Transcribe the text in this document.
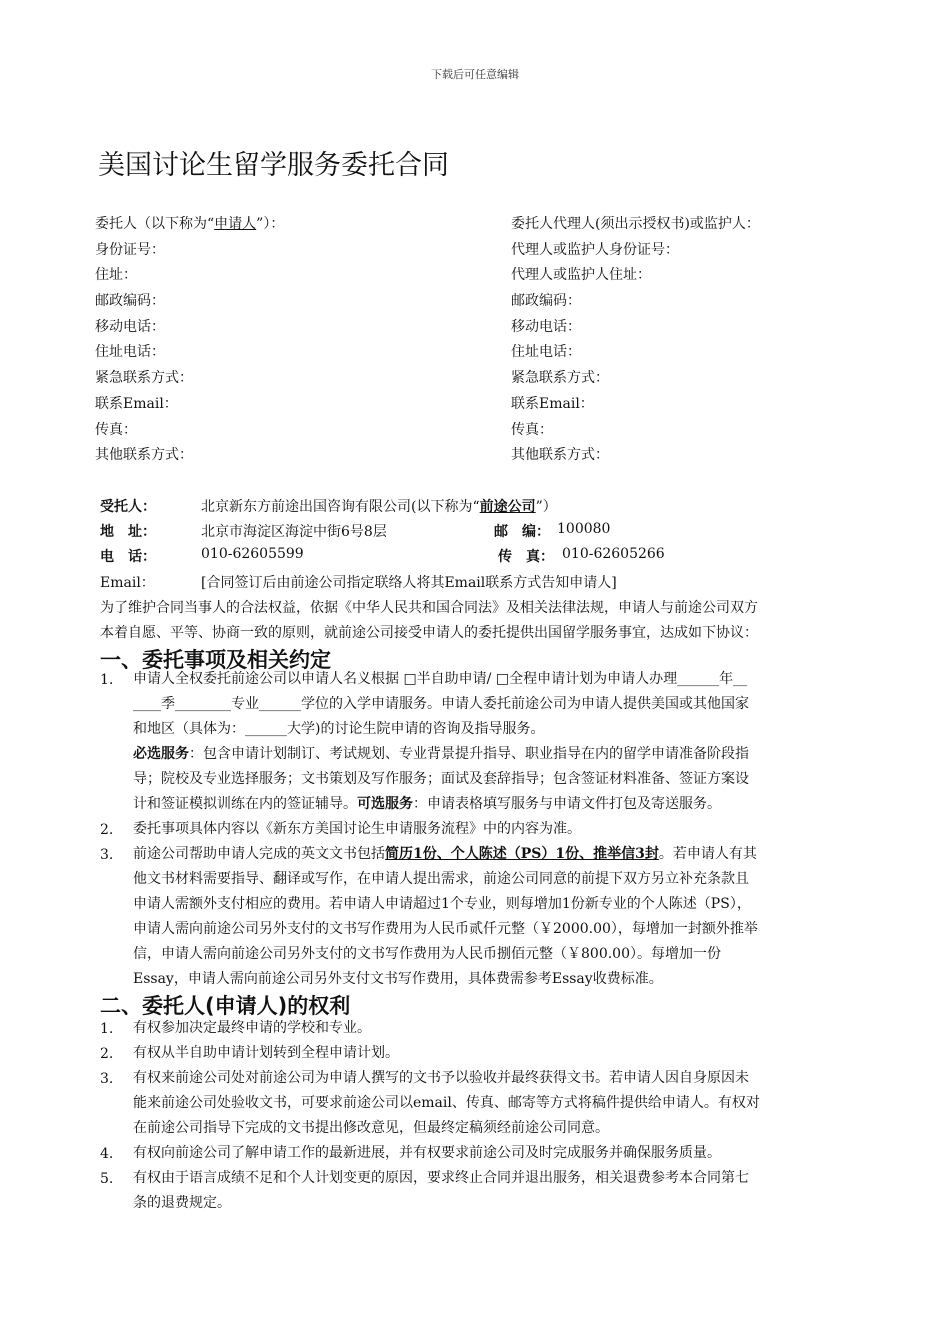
下载后可任意编辑
美国讨论生留学服务委托合同
委托人（以下称为“申请人”）：
身份证号：
住址：
邮政编码：
移动电话：
住址电话：
紧急联系方式：
联系Email：
传真：
其他联系方式：
委托人代理人(须出示授权书)或监护人：
代理人或监护人身份证号：
代理人或监护人住址：
邮政编码：
移动电话：
住址电话：
紧急联系方式：
联系Email：
传真：
其他联系方式：
受托人：	北京新东方前途出国咨询有限公司(以下称为“前途公司”）
地　址：	北京市海淀区海淀中街6号8层	邮　编： 100080
电　话：	010-62605599	传　真： 010-62605266
Email：	[合同签订后由前途公司指定联络人将其Email联系方式告知申请人]
为了维护合同当事人的合法权益，依据《中华人民共和国合同法》及相关法律法规，申请人与前途公司双方
本着自愿、平等、协商一致的原则，就前途公司接受申请人的委托提供出国留学服务事宜，达成如下协议：
一、委托事项及相关约定
1. 申请人全权委托前途公司以申请人名义根据 □半自助申请/ □全程申请计划为申请人办理______年__
____季________专业______学位的入学申请服务。申请人委托前途公司为申请人提供美国或其他国家
和地区（具体为：______大学)的讨论生院申请的咨询及指导服务。
必选服务：包含申请计划制订、考试规划、专业背景提升指导、职业指导在内的留学申请准备阶段指
导；院校及专业选择服务；文书策划及写作服务；面试及套辞指导；包含签证材料准备、签证方案设
计和签证模拟训练在内的签证辅导。可选服务：申请表格填写服务与申请文件打包及寄送服务。
2. 委托事项具体内容以《新东方美国讨论生申请服务流程》中的内容为准。
3. 前途公司帮助申请人完成的英文文书包括简历1份、个人陈述（PS）1份、推举信3封。若申请人有其
他文书材料需要指导、翻译或写作，在申请人提出需求，前途公司同意的前提下双方另立补充条款且
申请人需额外支付相应的费用。若申请人申请超过1个专业，则每增加1份新专业的个人陈述（PS），
申请人需向前途公司另外支付的文书写作费用为人民币贰仟元整（￥2000.00），每增加一封额外推举
信，申请人需向前途公司另外支付的文书写作费用为人民币捌佰元整（￥800.00）。每增加一份
Essay，申请人需向前途公司另外支付文书写作费用，具体费需参考Essay收费标准。
二、委托人(申请人)的权利
1. 有权参加决定最终申请的学校和专业。
2. 有权从半自助申请计划转到全程申请计划。
3. 有权来前途公司处对前途公司为申请人撰写的文书予以验收并最终获得文书。若申请人因自身原因未
能来前途公司处验收文书，可要求前途公司以email、传真、邮寄等方式将稿件提供给申请人。有权对
在前途公司指导下完成的文书提出修改意见，但最终定稿须经前途公司同意。
4. 有权向前途公司了解申请工作的最新进展，并有权要求前途公司及时完成服务并确保服务质量。
5. 有权由于语言成绩不足和个人计划变更的原因，要求终止合同并退出服务，相关退费参考本合同第七
条的退费规定。
